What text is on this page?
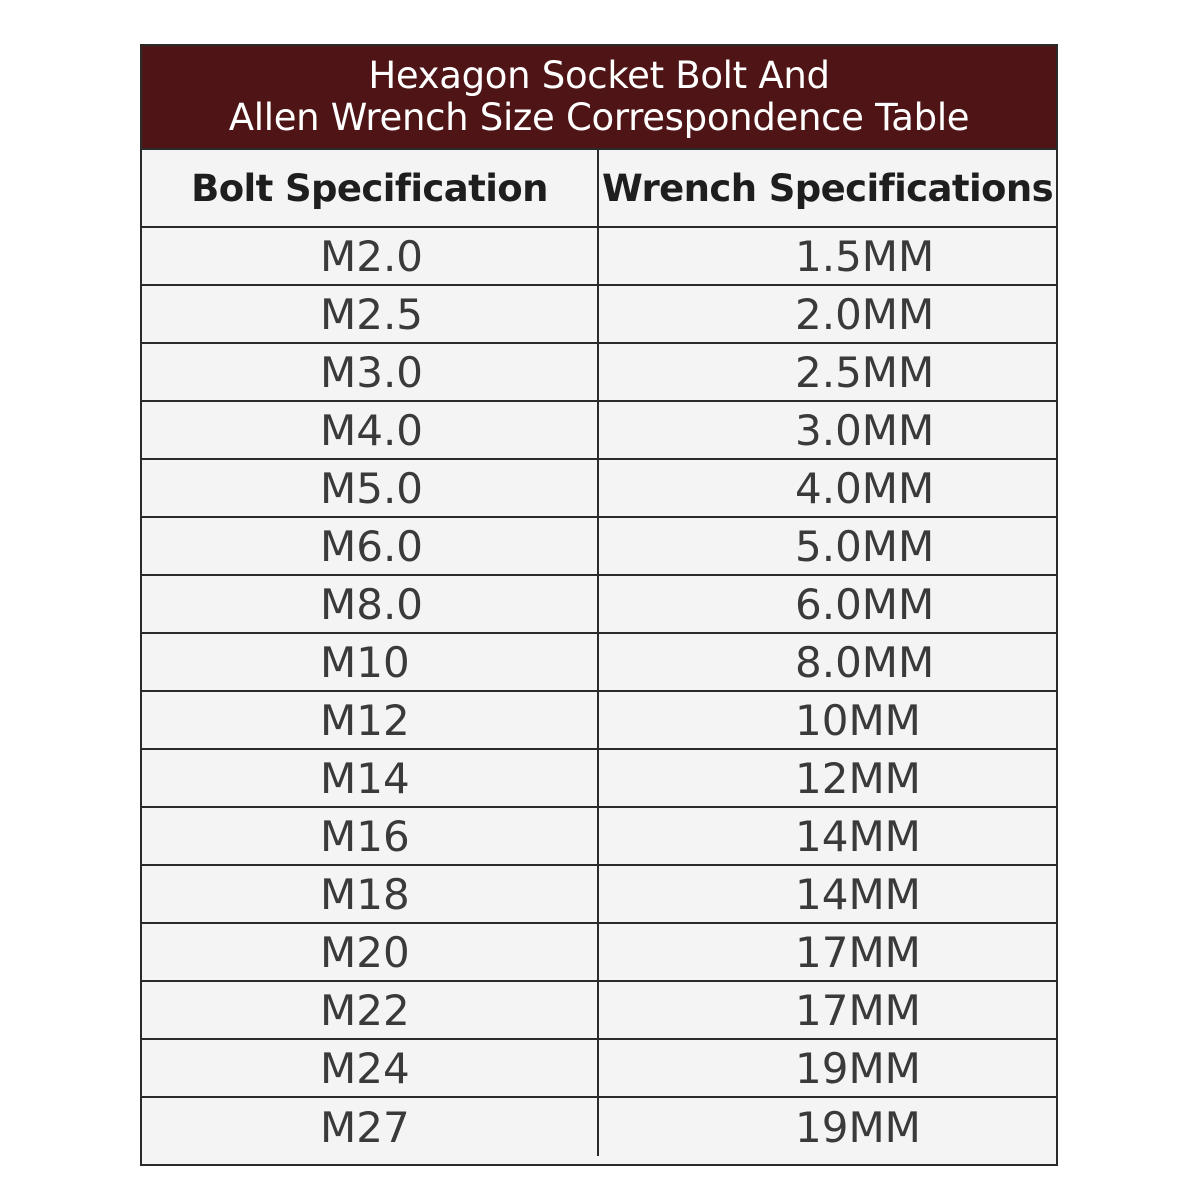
Hexagon Socket Bolt And
Allen Wrench Size Correspondence Table
Bolt Specification	Wrench Specifications
M2.0	1.5MM
M2.5	2.0MM
M3.0	2.5MM
M4.0	3.0MM
M5.0	4.0MM
M6.0	5.0MM
M8.0	6.0MM
M10	8.0MM
M12	10MM
M14	12MM
M16	14MM
M18	14MM
M20	17MM
M22	17MM
M24	19MM
M27	19MM
